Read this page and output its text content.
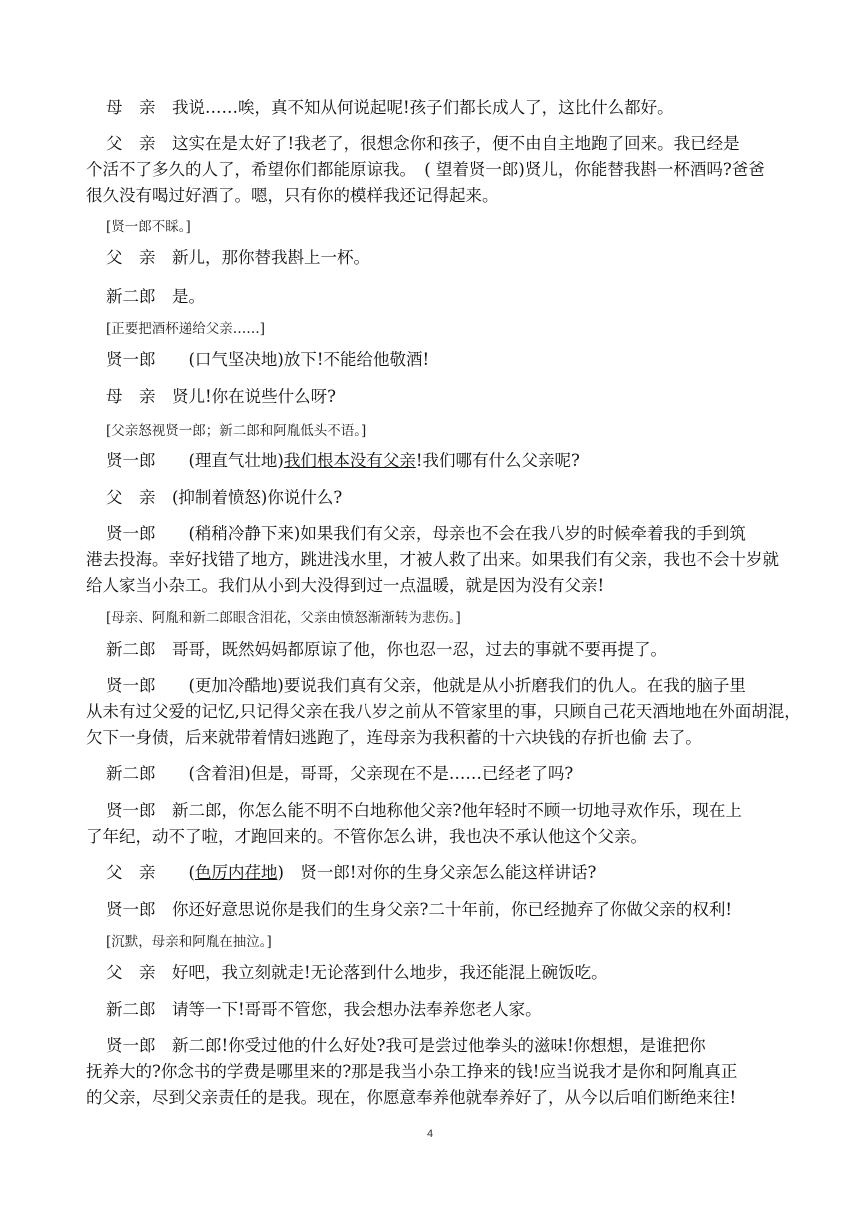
母　亲　我说……唉，真不知从何说起呢!孩子们都长成人了，这比什么都好。
父　亲　这实在是太好了!我老了，很想念你和孩子，便不由自主地跑了回来。我已经是
个活不了多久的人了，希望你们都能原谅我。　( 望着贤一郎)贤儿，你能替我斟一杯酒吗?爸爸
很久没有喝过好酒了。嗯，只有你的模样我还记得起来。
[贤一郎不睬。]
父　亲　新儿，那你替我斟上一杯。
新二郎　是。
[正要把酒杯递给父亲……]
贤一郎　　(口气坚决地)放下!不能给他敬酒!
母　亲　贤儿!你在说些什么呀?
[父亲怒视贤一郎；新二郎和阿胤低头不语。]
贤一郎　　(理直气壮地)我们根本没有父亲!我们哪有什么父亲呢?
父　亲　(抑制着愤怒)你说什么?
贤一郎　　(稍稍冷静下来)如果我们有父亲，母亲也不会在我八岁的时候牵着我的手到筑
港去投海。幸好找错了地方，跳进浅水里，才被人救了出来。如果我们有父亲，我也不会十岁就
给人家当小杂工。我们从小到大没得到过一点温暖，就是因为没有父亲!
[母亲、阿胤和新二郎眼含泪花，父亲由愤怒渐渐转为悲伤。]
新二郎　哥哥，既然妈妈都原谅了他，你也忍一忍，过去的事就不要再提了。
贤一郎　　(更加冷酷地)要说我们真有父亲，他就是从小折磨我们的仇人。在我的脑子里
从未有过父爱的记忆,只记得父亲在我八岁之前从不管家里的事，只顾自己花天酒地地在外面胡混，
欠下一身债，后来就带着情妇逃跑了，连母亲为我积蓄的十六块钱的存折也偷 去了。
新二郎　　(含着泪)但是，哥哥，父亲现在不是……已经老了吗?
贤一郎　新二郎，你怎么能不明不白地称他父亲?他年轻时不顾一切地寻欢作乐，现在上
了年纪，动不了啦，才跑回来的。不管你怎么讲，我也决不承认他这个父亲。
父　亲　　(色厉内荏地)　贤一郎!对你的生身父亲怎么能这样讲话?
贤一郎　你还好意思说你是我们的生身父亲?二十年前，你已经抛弃了你做父亲的权利!
[沉默，母亲和阿胤在抽泣。]
父　亲　好吧，我立刻就走!无论落到什么地步，我还能混上碗饭吃。
新二郎　请等一下!哥哥不管您，我会想办法奉养您老人家。
贤一郎　新二郎!你受过他的什么好处?我可是尝过他拳头的滋味!你想想，是谁把你
抚养大的?你念书的学费是哪里来的?那是我当小杂工挣来的钱!应当说我才是你和阿胤真正
的父亲，尽到父亲责任的是我。现在，你愿意奉养他就奉养好了，从今以后咱们断绝来往!
4
